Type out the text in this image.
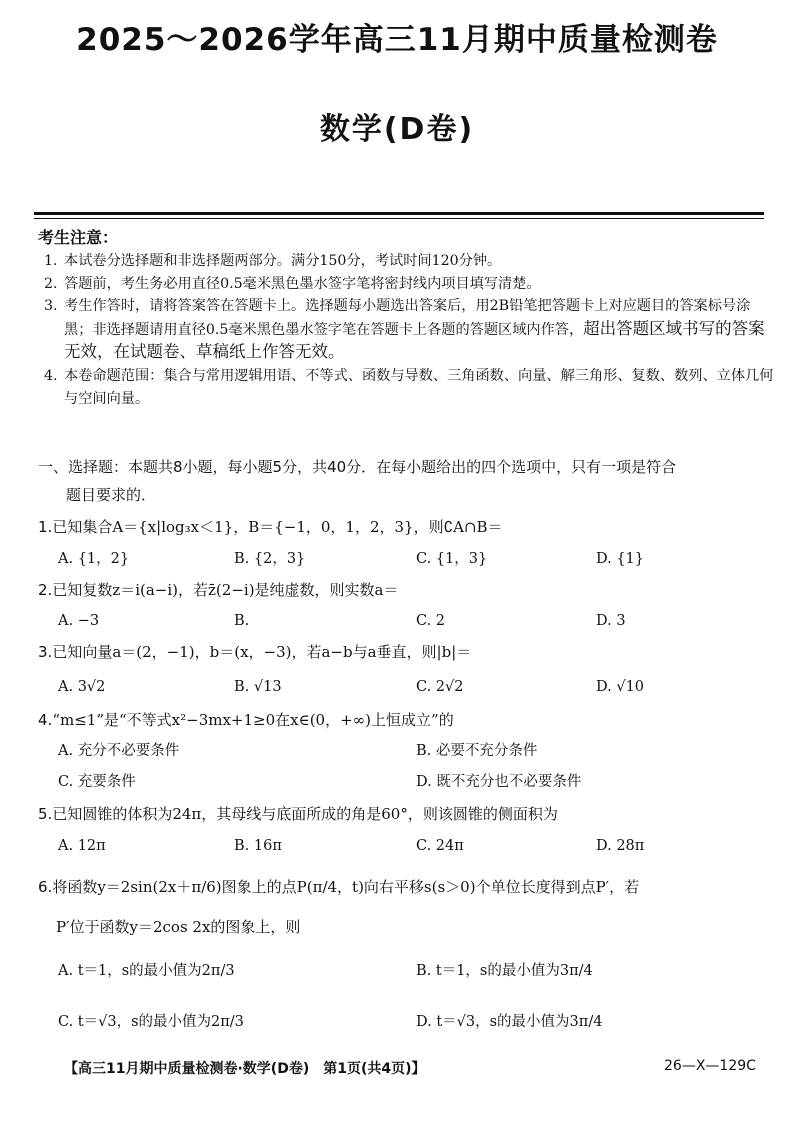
2025～2026学年高三11月期中质量检测卷
数学(D卷)
考生注意：
1. 本试卷分选择题和非选择题两部分。满分150分，考试时间120分钟。
2. 答题前，考生务必用直径0.5毫米黑色墨水签字笔将密封线内项目填写清楚。
3. 考生作答时，请将答案答在答题卡上。选择题每小题选出答案后，用2B铅笔把答题卡上对应题目的答案标号涂黑；非选择题请用直径0.5毫米黑色墨水签字笔在答题卡上各题的答题区域内作答，超出答题区域书写的答案无效，在试题卷、草稿纸上作答无效。
4. 本卷命题范围：集合与常用逻辑用语、不等式、函数与导数、三角函数、向量、解三角形、复数、数列、立体几何与空间向量。
一、选择题：本题共8小题，每小题5分，共40分．在每小题给出的四个选项中，只有一项是符合
题目要求的．
1.已知集合A＝{x|log₃x＜1}，B＝{−1，0，1，2，3}，则∁A∩B＝
A. {1，2}	B. {2，3}	C. {1，3}	D. {1}
2.已知复数z＝i(a−i)，若z̄(2−i)是纯虚数，则实数a＝
A. −3	B.	C. 2	D. 3
3.已知向量a＝(2，−1)，b＝(x，−3)，若a−b与a垂直，则|b|＝
A. 3√2	B. √13	C. 2√2	D. √10
4.“m≤1”是“不等式x²−3mx+1≥0在x∈(0，+∞)上恒成立”的
A. 充分不必要条件	B. 必要不充分条件
C. 充要条件	D. 既不充分也不必要条件
5.已知圆锥的体积为24π，其母线与底面所成的角是60°，则该圆锥的侧面积为
A. 12π	B. 16π	C. 24π	D. 28π
6.将函数y＝2sin(2x＋π/6)图象上的点P(π/4，t)向右平移s(s＞0)个单位长度得到点P′，若
P′位于函数y＝2cos 2x的图象上，则
A. t＝1，s的最小值为2π/3	B. t＝1，s的最小值为3π/4
C. t＝√3，s的最小值为2π/3	D. t＝√3，s的最小值为3π/4
【高三11月期中质量检测卷·数学(D卷)　第1页(共4页)】	26—X—129C
